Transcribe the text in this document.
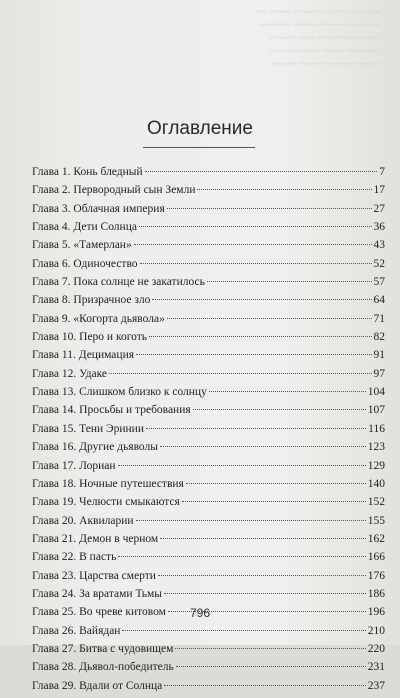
~~~~~ ~~~~ ~~~~~~ ~~~~ ~~
~~~~~~ ~~~~~ ~~~~ ~~~~~~
~~~~ ~~~~~~~ ~~~ ~~~~~
~~~~~~ ~~~~ ~~~~~~ ~~~
~~~~ ~~~~~~ ~~~~ ~~~~~
Оглавление
Глава 1. Конь бледный	7
Глава 2. Первородный сын Земли	17
Глава 3. Облачная империя	27
Глава 4. Дети Солнца	36
Глава 5. «Тамерлан»	43
Глава 6. Одиночество	52
Глава 7. Пока солнце не закатилось	57
Глава 8. Призрачное зло	64
Глава 9. «Когорта дьявола»	71
Глава 10. Перо и коготь	82
Глава 11. Децимация	91
Глава 12. Удаке	97
Глава 13. Слишком близко к солнцу	104
Глава 14. Просьбы и требования	107
Глава 15. Тени Эринии	116
Глава 16. Другие дьяволы	123
Глава 17. Лориан	129
Глава 18. Ночные путешествия	140
Глава 19. Челюсти смыкаются	152
Глава 20. Аквиларии	155
Глава 21. Демон в черном	162
Глава 22. В пасть	166
Глава 23. Царства смерти	176
Глава 24. За вратами Тьмы	186
Глава 25. Во чреве китовом	196
Глава 26. Вайядан	210
Глава 27. Битва с чудовищем	220
Глава 28. Дьявол-победитель	231
Глава 29. Вдали от Солнца	237
796
